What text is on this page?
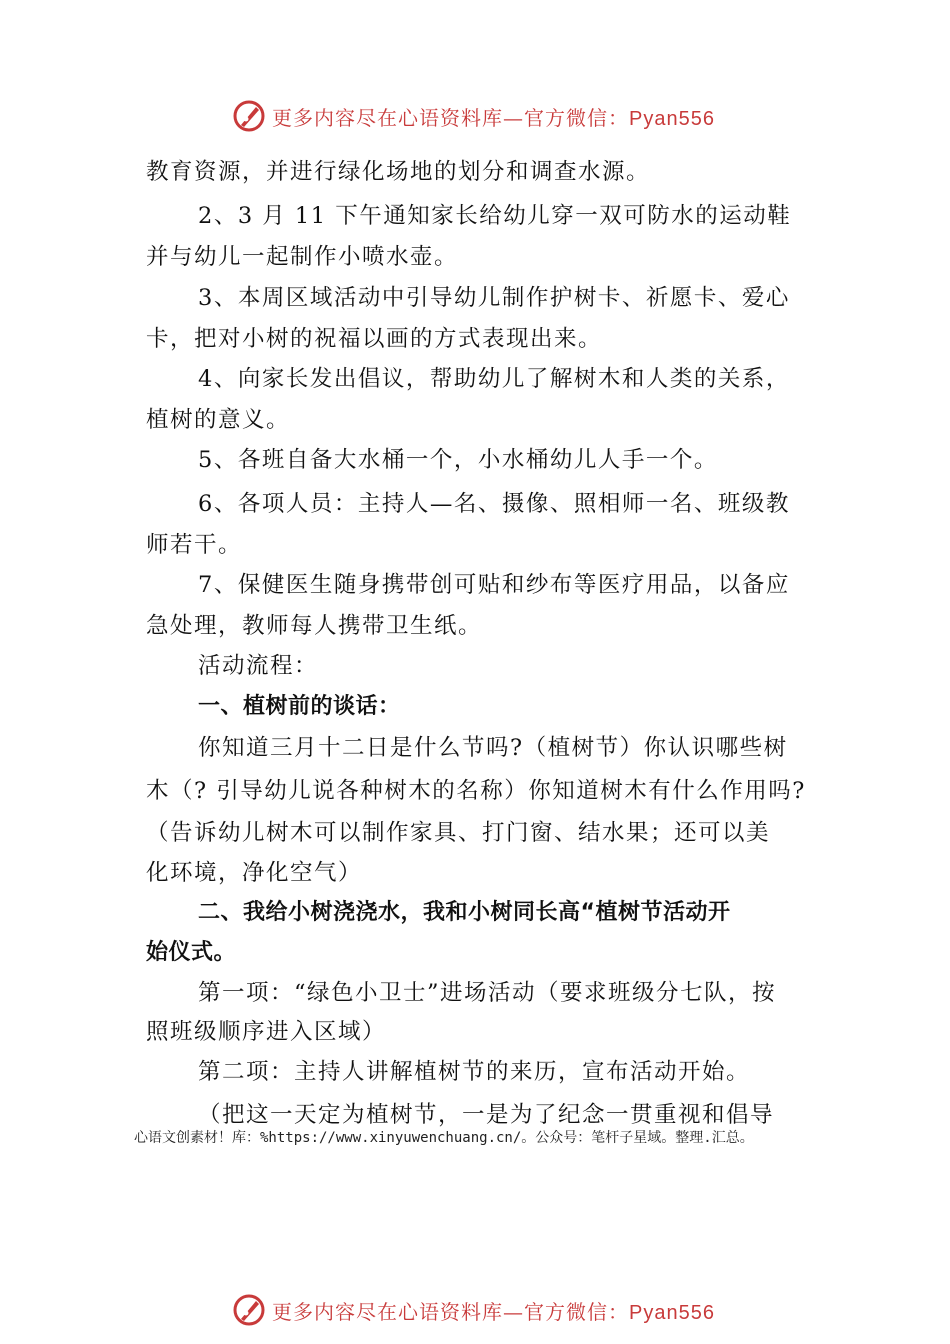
更多内容尽在心语资料库—官方微信：Pyan556
教育资源，并进行绿化场地的划分和调查水源。
2、3 月 11 下午通知家长给幼儿穿一双可防水的运动鞋
并与幼儿一起制作小喷水壶。
3、本周区域活动中引导幼儿制作护树卡、祈愿卡、爱心
卡，把对小树的祝福以画的方式表现出来。
4、向家长发出倡议，帮助幼儿了解树木和人类的关系，
植树的意义。
5、各班自备大水桶一个，小水桶幼儿人手一个。
6、各项人员：主持人—名、摄像、照相师一名、班级教
师若干。
7、保健医生随身携带创可贴和纱布等医疗用品，以备应
急处理，教师每人携带卫生纸。
活动流程：
一、植树前的谈话：
你知道三月十二日是什么节吗?（植树节）你认识哪些树
木（? 引导幼儿说各种树木的名称）你知道树木有什么作用吗?
（告诉幼儿树木可以制作家具、打门窗、结水果；还可以美
化环境，净化空气）
二、我给小树浇浇水，我和小树同长高“植树节活动开
始仪式。
第一项：“绿色小卫士”进场活动（要求班级分七队，按
照班级顺序进入区域）
第二项：主持人讲解植树节的来历，宣布活动开始。
（把这一天定为植树节，一是为了纪念一贯重视和倡导
心语文创素材！库：%https://www.xinyuwenchuang.cn/。公众号：笔杆子星域。整理.汇总。
更多内容尽在心语资料库—官方微信：Pyan556
